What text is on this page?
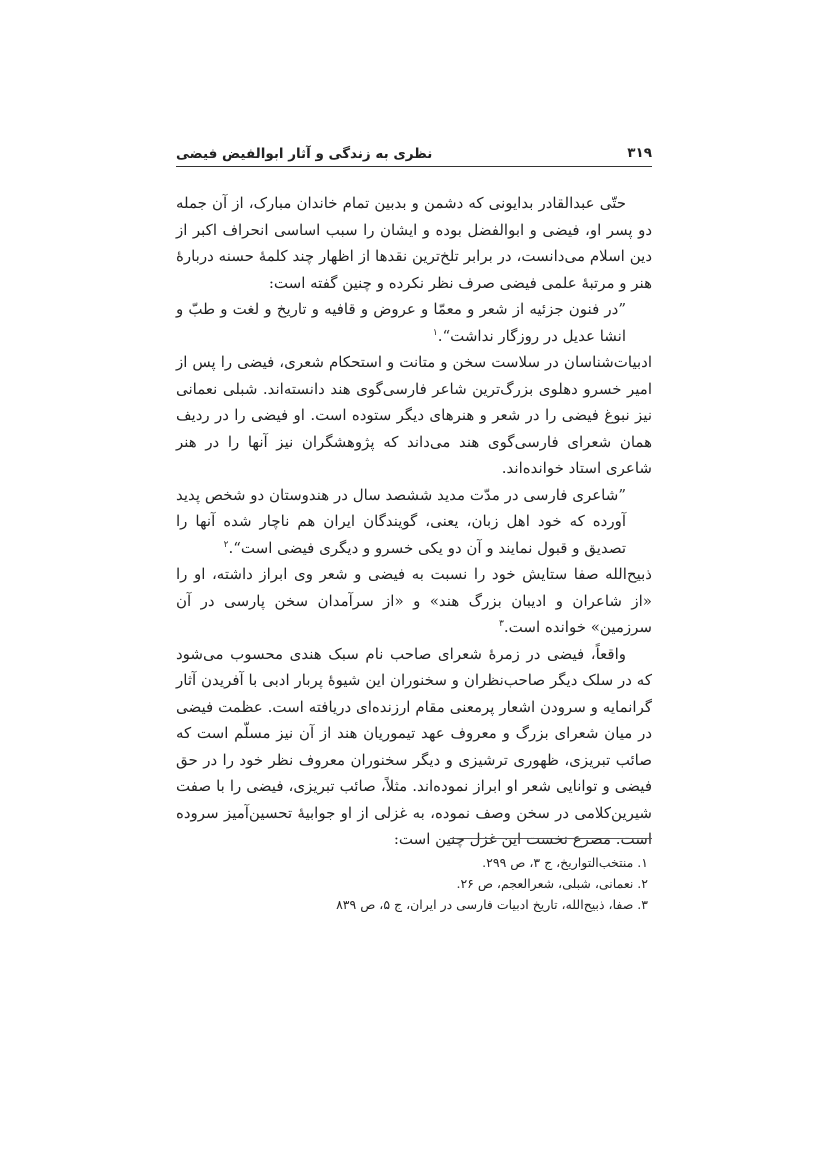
نظری به زندگی و آثار ابوالفیض فیضی	۳۱۹

حتّی عبدالقادر بدایونی که دشمن و بدبین تمام خاندان مبارک، از آن جمله دو پسر او، فیضی و ابوالفضل بوده و ایشان را سبب اساسی انحراف اکبر از دین اسلام می‌دانست، در برابر تلخ‌ترین نقدها از اظهار چند کلمهٔ حسنه دربارهٔ هنر و مرتبهٔ علمی فیضی صرف نظر نکرده و چنین گفته است:

”در فنون جزئیه از شعر و معمّا و عروض و قافیه و تاریخ و لغت و طبّ و انشا عدیل در روزگار نداشت“.$^۱$

ادبیات‌شناسان در سلاست سخن و متانت و استحکام شعری، فیضی را پس از امیر خسرو دهلوی بزرگ‌ترین شاعر فارسی‌گوی هند دانسته‌اند. شبلی نعمانی نیز نبوغ فیضی را در شعر و هنرهای دیگر ستوده است. او فیضی را در ردیف همان شعرای فارسی‌گوی هند می‌داند که پژوهشگران نیز آنها را در هنر شاعری استاد خوانده‌اند.

”شاعری فارسی در مدّت مدید ششصد سال در هندوستان دو شخص پدید آورده که خود اهل زبان، یعنی، گویندگان ایران هم ناچار شده آنها را تصدیق و قبول نمایند و آن دو یکی خسرو و دیگری فیضی است“.$^۲$

ذبیح‌الله صفا ستایش خود را نسبت به فیضی و شعر وی ابراز داشته، او را «از شاعران و ادیبان بزرگ هند» و «از سرآمدان سخن پارسی در آن سرزمین» خوانده است.$^۳$

واقعاً، فیضی در زمرهٔ شعرای صاحب نام سبک هندی محسوب می‌شود که در سلک دیگر صاحب‌نظران و سخنوران این شیوهٔ پربار ادبی با آفریدن آثار گرانمایه و سرودن اشعار پرمعنی مقام ارزنده‌ای دریافته است. عظمت فیضی در میان شعرای بزرگ و معروف عهد تیموریان هند از آن نیز مسلّم است که صائب تبریزی، ظهوری ترشیزی و دیگر سخنوران معروف نظر خود را در حق فیضی و توانایی شعر او ابراز نموده‌اند. مثلاً، صائب تبریزی، فیضی را با صفت شیرین‌کلامی در سخن وصف نموده، به غزلی از او جوابیهٔ تحسین‌آمیز سروده است. مصرع نخست این غزل چنین است:

۱. منتخب‌التواریخ، ج ۳، ص ۲۹۹.
۲. نعمانی، شبلی، شعرالعجم، ص ۲۶.
۳. صفا، ذبیح‌الله، تاریخ ادبیات فارسی در ایران، ج ۵، ص ۸۳۹
